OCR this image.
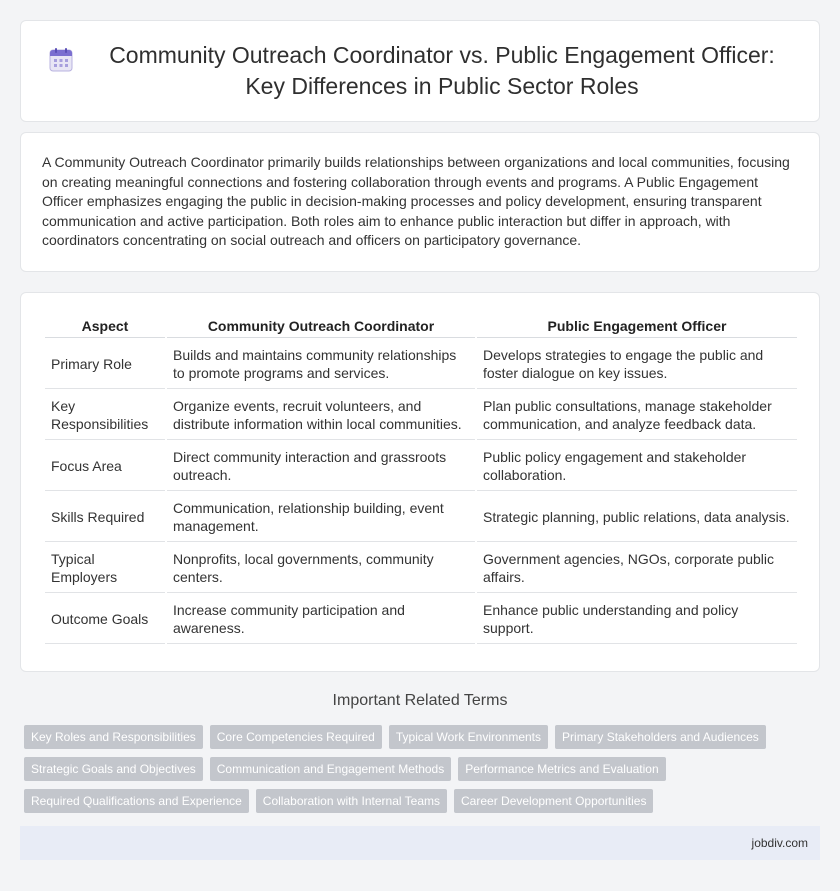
Community Outreach Coordinator vs. Public Engagement Officer: Key Differences in Public Sector Roles

A Community Outreach Coordinator primarily builds relationships between organizations and local communities, focusing on creating meaningful connections and fostering collaboration through events and programs. A Public Engagement Officer emphasizes engaging the public in decision-making processes and policy development, ensuring transparent communication and active participation. Both roles aim to enhance public interaction but differ in approach, with coordinators concentrating on social outreach and officers on participatory governance.

Aspect	Community Outreach Coordinator	Public Engagement Officer
Primary Role	Builds and maintains community relationships to promote programs and services.	Develops strategies to engage the public and foster dialogue on key issues.
Key Responsibilities	Organize events, recruit volunteers, and distribute information within local communities.	Plan public consultations, manage stakeholder communication, and analyze feedback data.
Focus Area	Direct community interaction and grassroots outreach.	Public policy engagement and stakeholder collaboration.
Skills Required	Communication, relationship building, event management.	Strategic planning, public relations, data analysis.
Typical Employers	Nonprofits, local governments, community centers.	Government agencies, NGOs, corporate public affairs.
Outcome Goals	Increase community participation and awareness.	Enhance public understanding and policy support.
Important Related Terms
Key Roles and Responsibilities	Core Competencies Required	Typical Work Environments	Primary Stakeholders and Audiences
Strategic Goals and Objectives	Communication and Engagement Methods	Performance Metrics and Evaluation
Required Qualifications and Experience	Collaboration with Internal Teams	Career Development Opportunities
jobdiv.com
